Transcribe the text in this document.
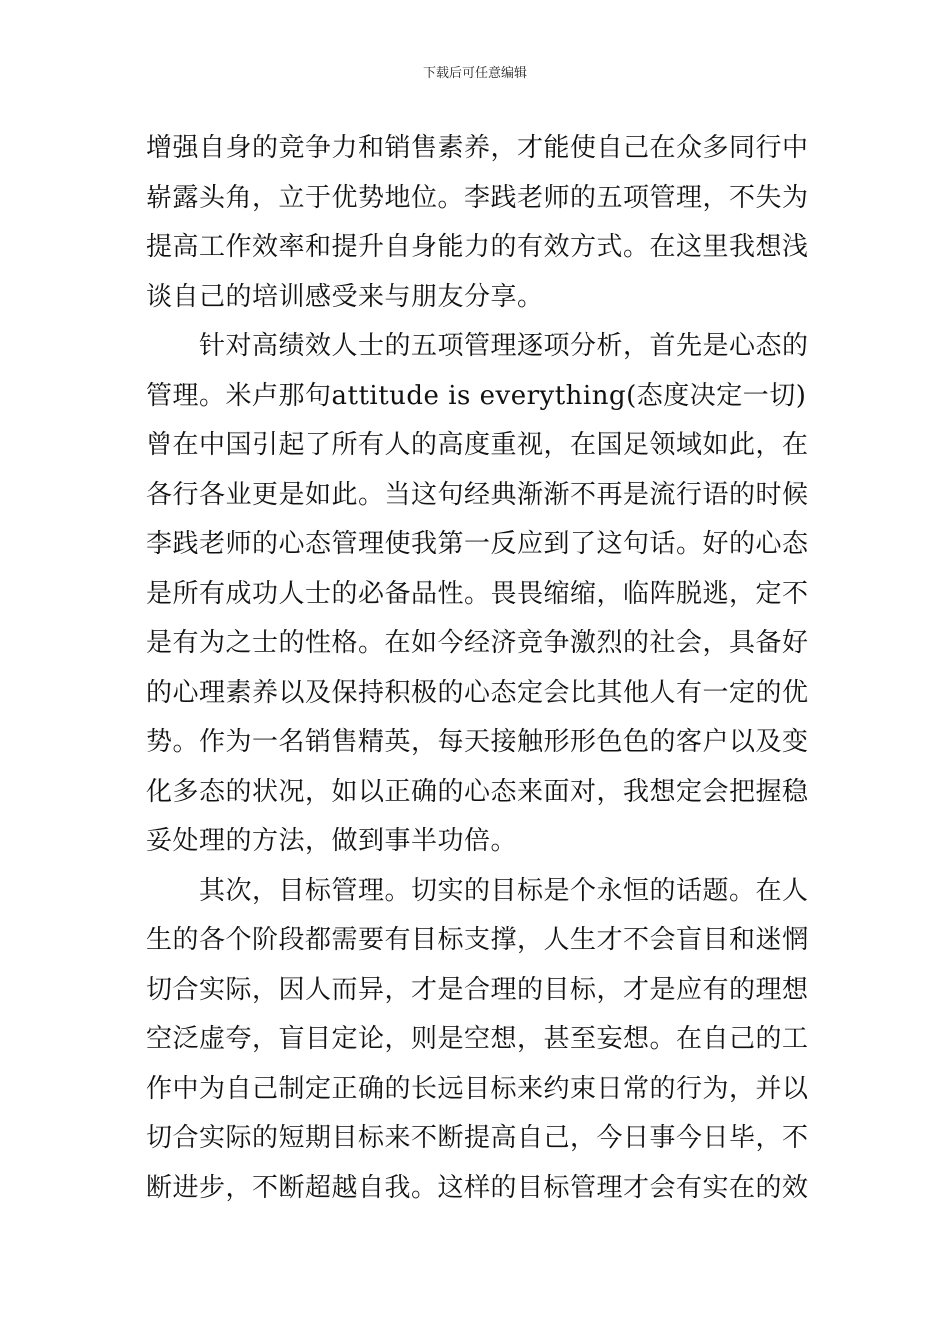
下载后可任意编辑
增强自身的竞争力和销售素养，才能使自己在众多同行中
崭露头角，立于优势地位。李践老师的五项管理，不失为
提高工作效率和提升自身能力的有效方式。在这里我想浅
谈自己的培训感受来与朋友分享。
针对高绩效人士的五项管理逐项分析，首先是心态的
管理。米卢那句attitude is everything(态度决定一切)
曾在中国引起了所有人的高度重视，在国足领域如此，在
各行各业更是如此。当这句经典渐渐不再是流行语的时候
李践老师的心态管理使我第一反应到了这句话。好的心态
是所有成功人士的必备品性。畏畏缩缩，临阵脱逃，定不
是有为之士的性格。在如今经济竞争激烈的社会，具备好
的心理素养以及保持积极的心态定会比其他人有一定的优
势。作为一名销售精英，每天接触形形色色的客户以及变
化多态的状况，如以正确的心态来面对，我想定会把握稳
妥处理的方法，做到事半功倍。
其次，目标管理。切实的目标是个永恒的话题。在人
生的各个阶段都需要有目标支撑，人生才不会盲目和迷惘
切合实际，因人而异，才是合理的目标，才是应有的理想
空泛虚夸，盲目定论，则是空想，甚至妄想。在自己的工
作中为自己制定正确的长远目标来约束日常的行为，并以
切合实际的短期目标来不断提高自己，今日事今日毕，不
断进步，不断超越自我。这样的目标管理才会有实在的效
